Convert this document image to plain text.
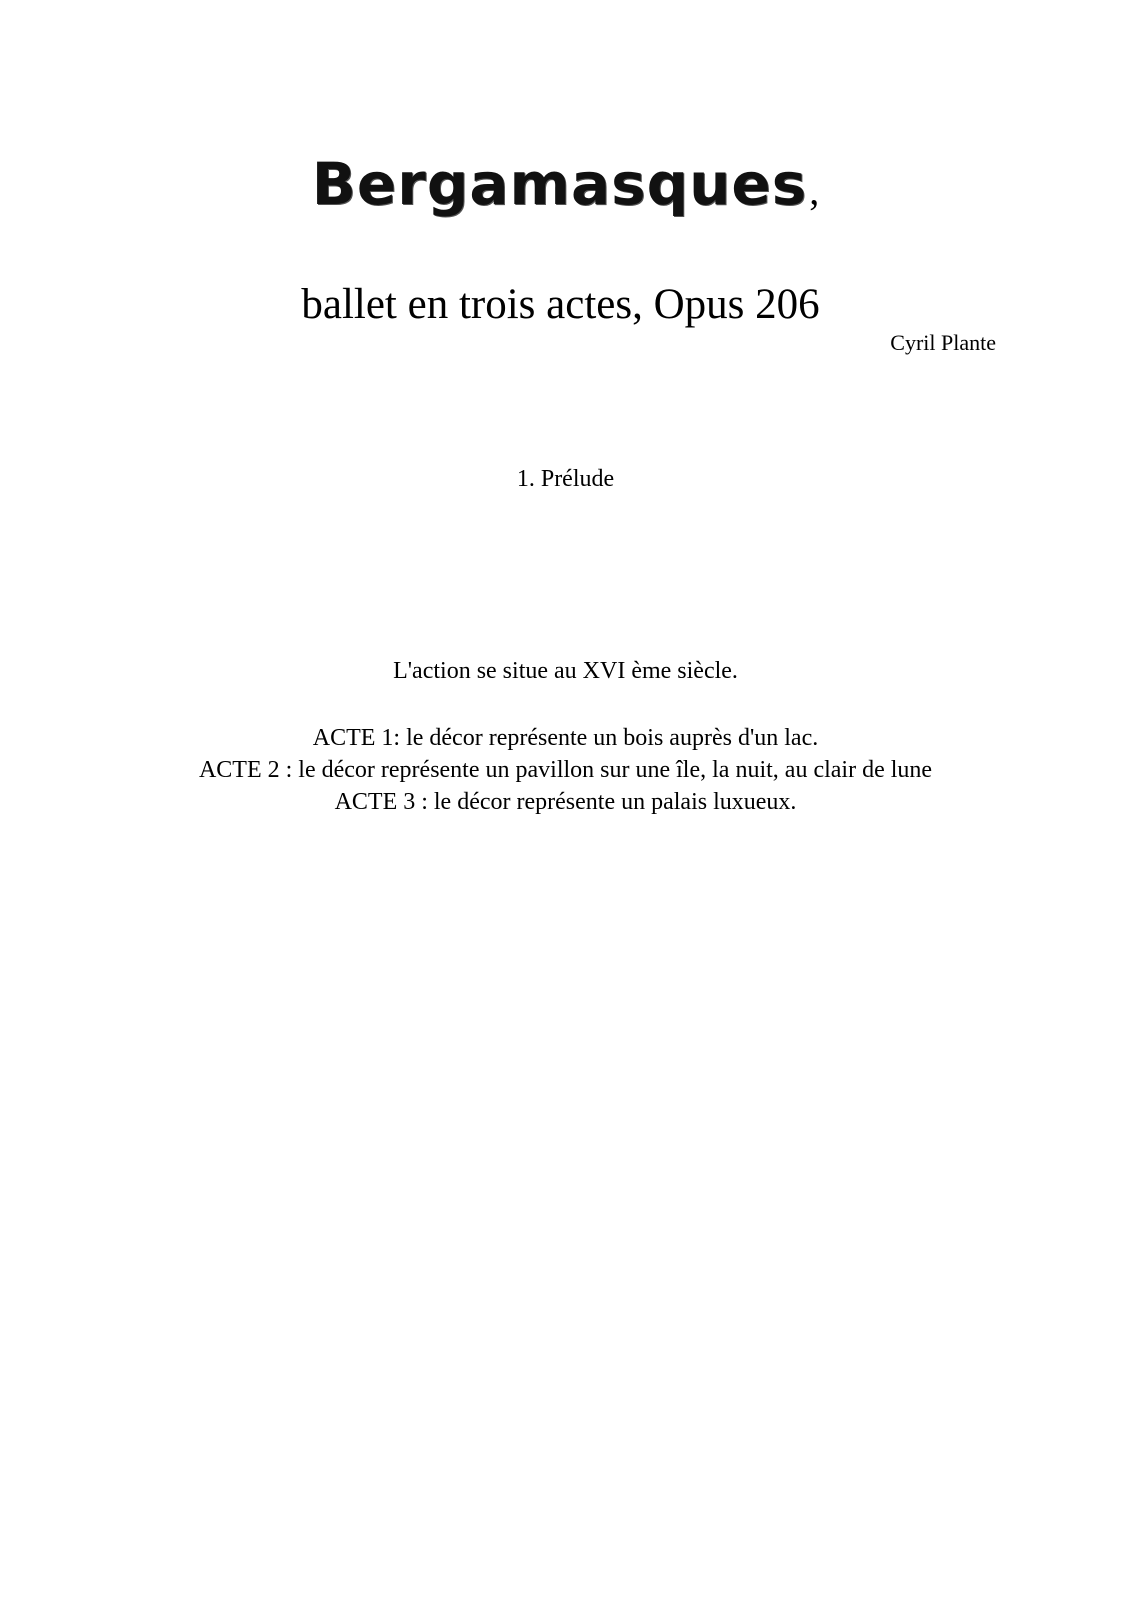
Bergamasques,
ballet en trois actes, Opus 206
Cyril Plante
1. Prélude
L'action se situe au XVI ème siècle.
ACTE 1: le décor représente un bois auprès d'un lac.
ACTE 2 : le décor représente un pavillon sur une île, la nuit, au clair de lune
ACTE 3 : le décor représente un palais luxueux.
